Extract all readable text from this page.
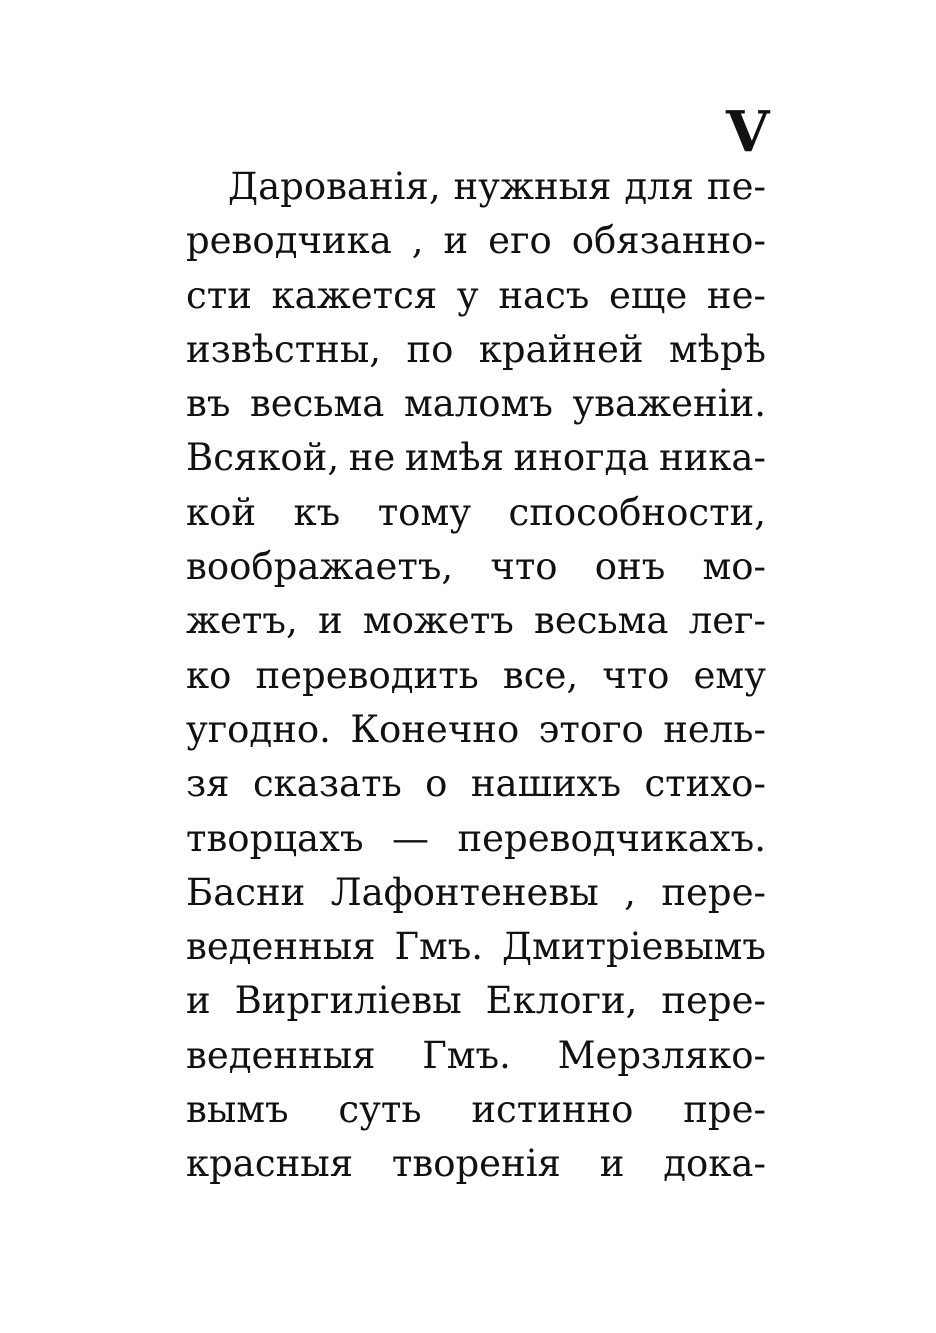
V
Дарованія, нужныя для пе-
реводчика , и его обязанно-
сти кажется у насъ еще не-
извѣстны, по крайней мѣрѣ
въ весьма маломъ уваженіи.
Всякой, не имѣя иногда ника-
кой къ тому способности,
воображаетъ, что онъ мо-
жетъ, и можетъ весьма лег-
ко переводить все, что ему
угодно. Конечно этого нель-
зя сказать о нашихъ стихо-
творцахъ — переводчикахъ.
Басни Лафонтеневы , пере-
веденныя Гмъ. Дмитріевымъ
и Виргиліевы Еклоги, пере-
веденныя Гмъ. Мерзляко-
вымъ суть истинно пре-
красныя творенія и дока-
